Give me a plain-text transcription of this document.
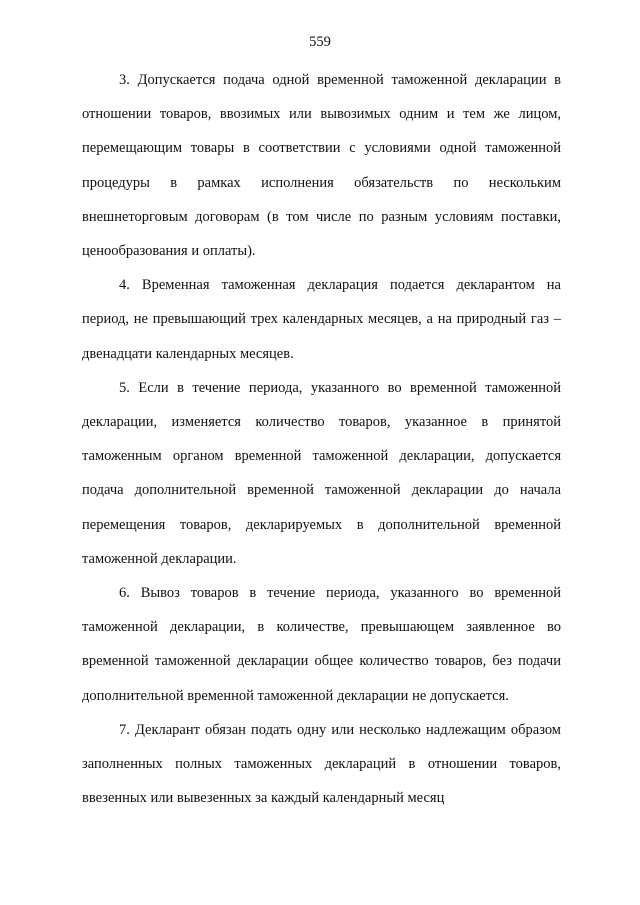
559

3. Допускается подача одной временной таможенной декларации в отношении товаров, ввозимых или вывозимых одним и тем же лицом, перемещающим товары в соответствии с условиями одной таможенной процедуры в рамках исполнения обязательств по нескольким внешнеторговым договорам (в том числе по разным условиям поставки, ценообразования и оплаты).

4. Временная таможенная декларация подается декларантом на период, не превышающий трех календарных месяцев, а на природный газ – двенадцати календарных месяцев.

5. Если в течение периода, указанного во временной таможенной декларации, изменяется количество товаров, указанное в принятой таможенным органом временной таможенной декларации, допускается подача дополнительной временной таможенной декларации до начала перемещения товаров, декларируемых в дополнительной временной таможенной декларации.

6. Вывоз товаров в течение периода, указанного во временной таможенной декларации, в количестве, превышающем заявленное во временной таможенной декларации общее количество товаров, без подачи дополнительной временной таможенной декларации не допускается.

7. Декларант обязан подать одну или несколько надлежащим образом заполненных полных таможенных деклараций в отношении товаров, ввезенных или вывезенных за каждый календарный месяц
